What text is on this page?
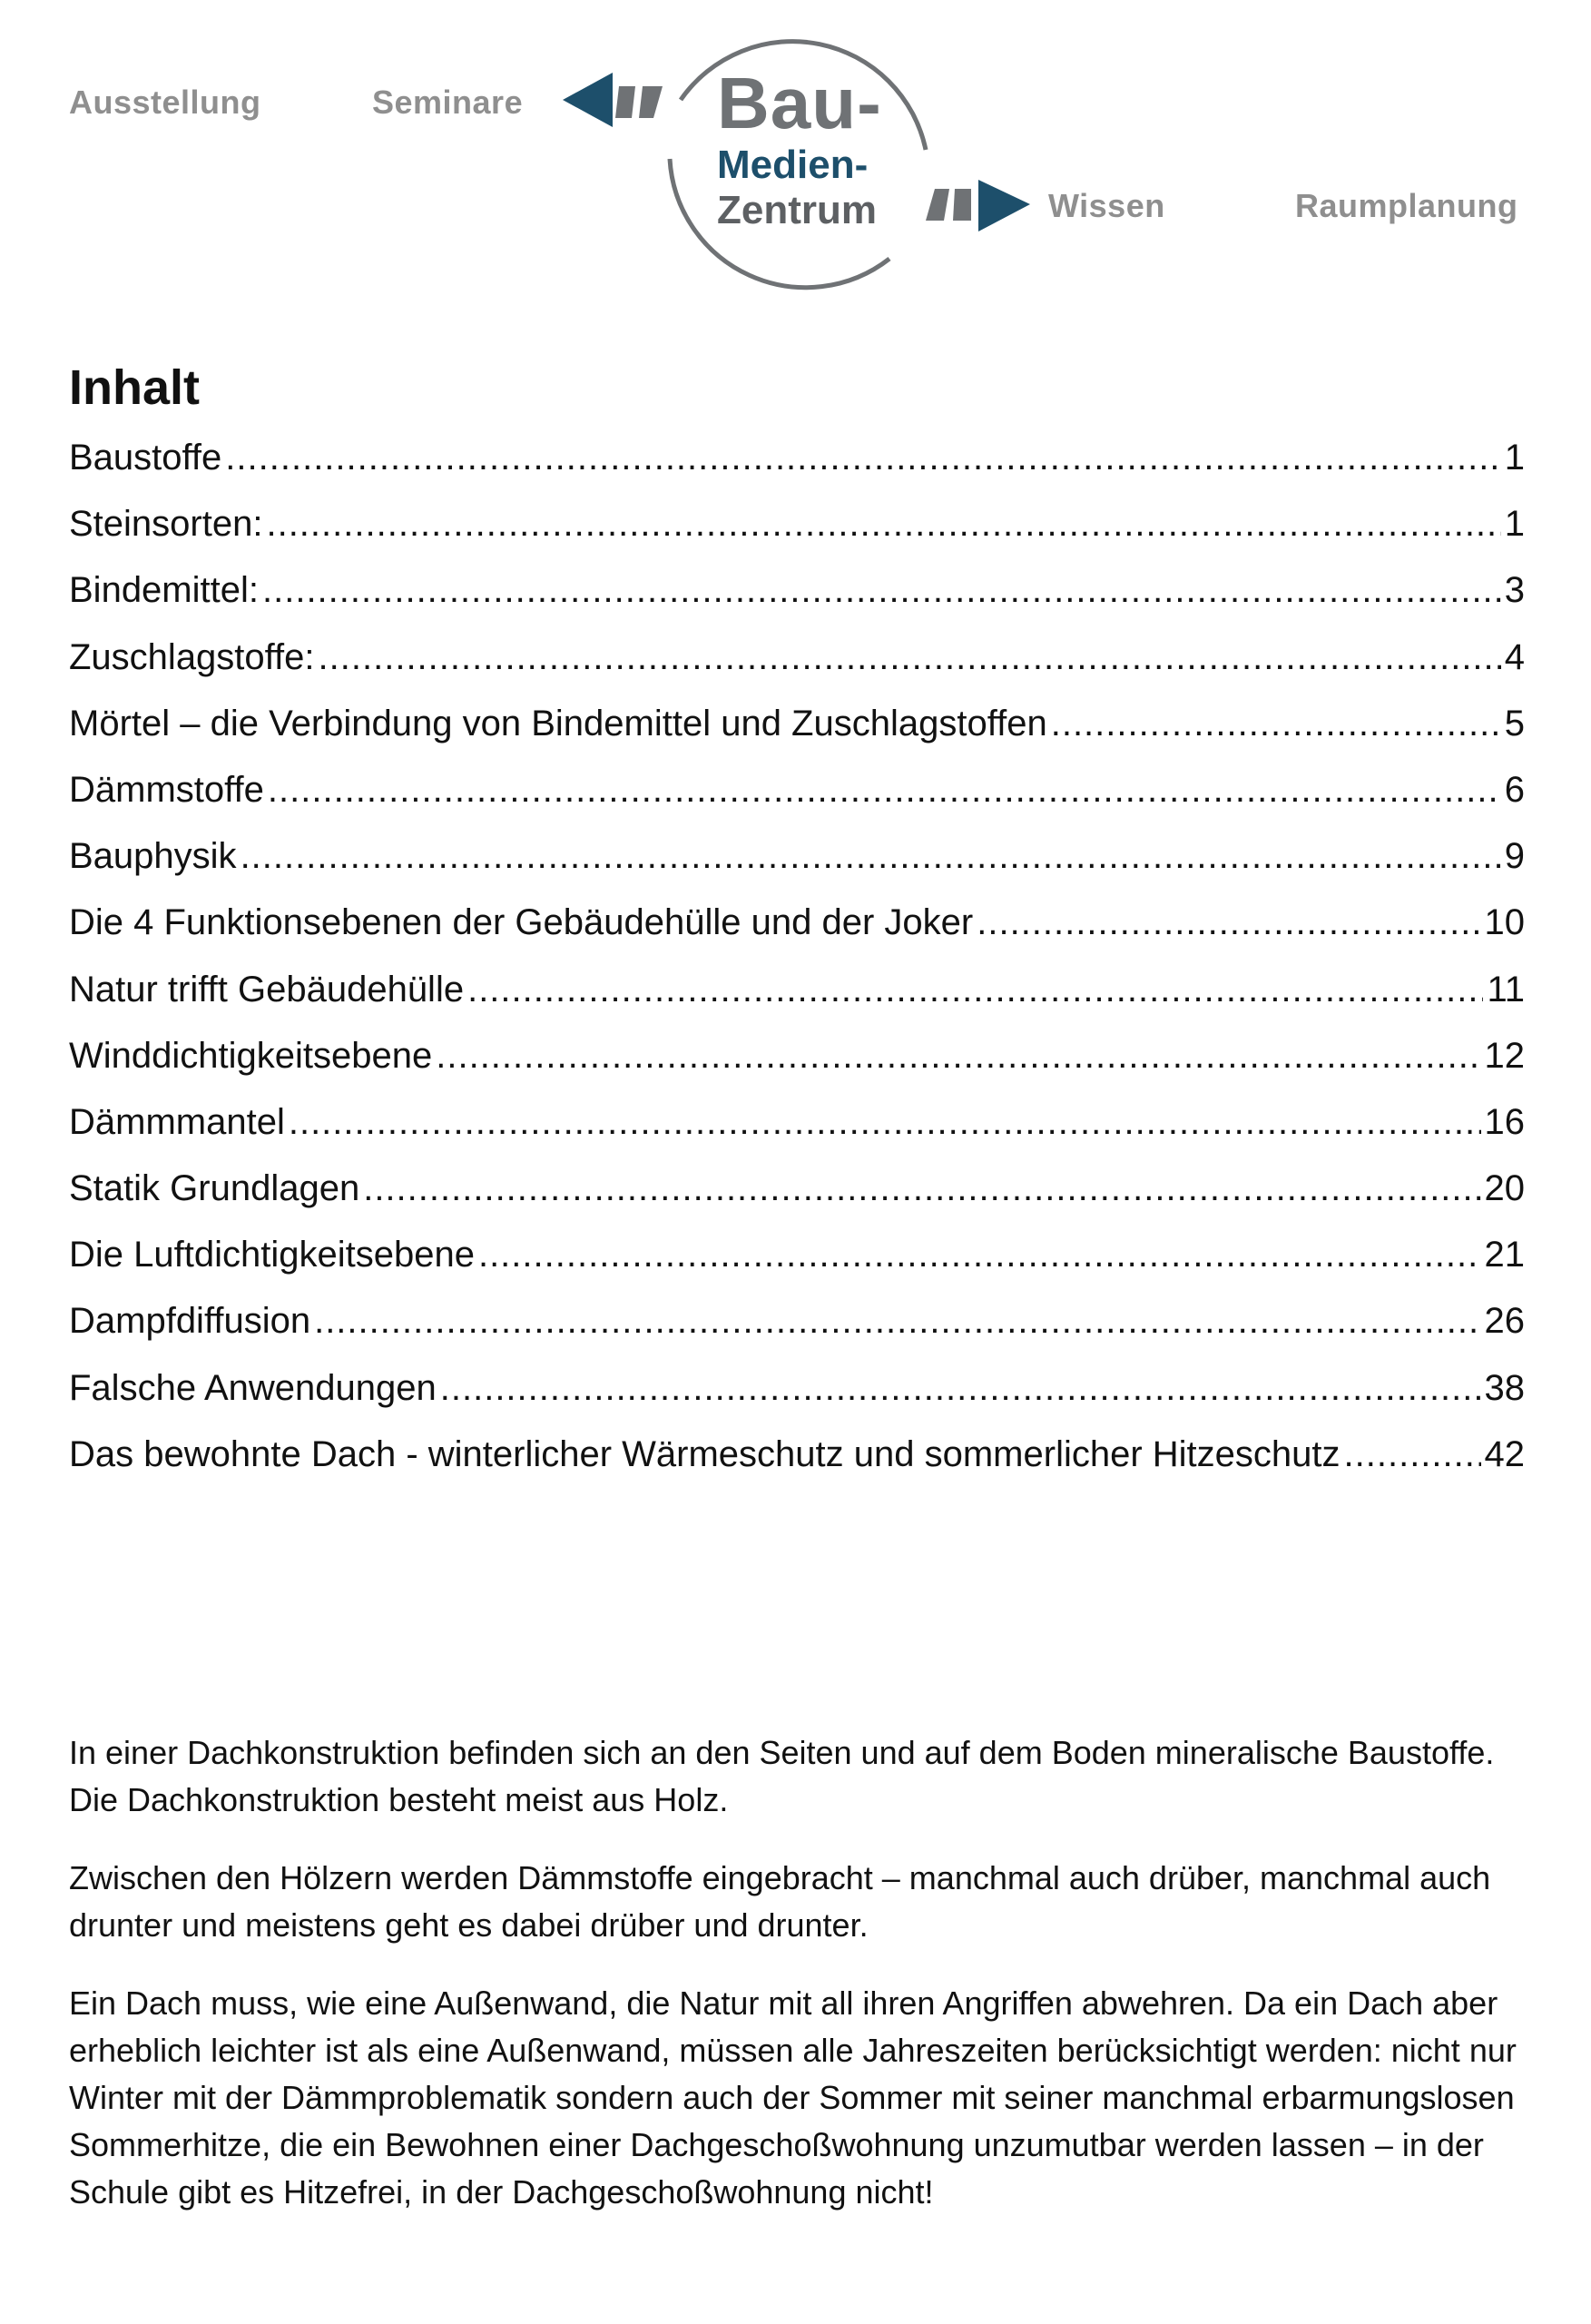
Ausstellung	Seminare	Bau-
Medien-
Zentrum	Wissen	Raumplanung
Inhalt
Baustoffe .....	1
Steinsorten: .....	1
Bindemittel: .....	3
Zuschlagstoffe: .....	4
Mörtel – die Verbindung von Bindemittel und Zuschlagstoffen .....	5
Dämmstoffe .....	6
Bauphysik .....	9
Die 4 Funktionsebenen der Gebäudehülle und der Joker .....	10
Natur trifft Gebäudehülle .....	11
Winddichtigkeitsebene .....	12
Dämmmantel .....	16
Statik Grundlagen .....	20
Die Luftdichtigkeitsebene .....	21
Dampfdiffusion .....	26
Falsche Anwendungen .....	38
Das bewohnte Dach - winterlicher Wärmeschutz und sommerlicher Hitzeschutz .....	42

In einer Dachkonstruktion befinden sich an den Seiten und auf dem Boden mineralische Baustoffe. Die Dachkonstruktion besteht meist aus Holz.

Zwischen den Hölzern werden Dämmstoffe eingebracht – manchmal auch drüber, manchmal auch drunter und meistens geht es dabei drüber und drunter.

Ein Dach muss, wie eine Außenwand, die Natur mit all ihren Angriffen abwehren. Da ein Dach aber erheblich leichter ist als eine Außenwand, müssen alle Jahreszeiten berücksichtigt werden: nicht nur Winter mit der Dämmproblematik sondern auch der Sommer mit seiner manchmal erbarmungslosen Sommerhitze, die ein Bewohnen einer Dachgeschoßwohnung unzumutbar werden lassen – in der Schule gibt es Hitzefrei, in der Dachgeschoßwohnung nicht!
